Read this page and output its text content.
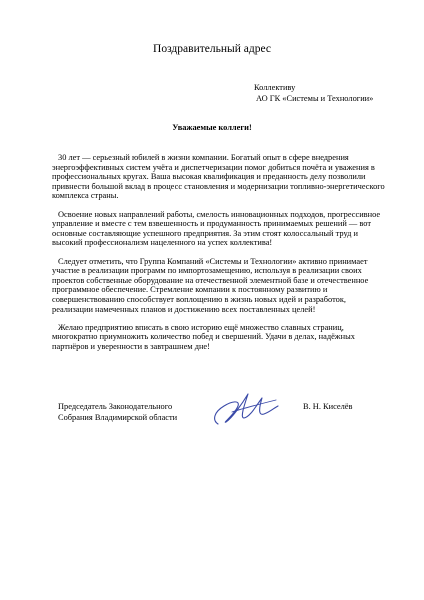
Поздравительный адрес
Коллективу
АО ГК «Системы и Технологии»
Уважаемые коллеги!

30 лет — серьезный юбилей в жизни компании. Богатый опыт в сфере внедрения энергоэффективных систем учёта и диспетчеризации помог добиться почёта и уважения в профессиональных кругах. Ваша высокая квалификация и преданность делу позволили привнести большой вклад в процесс становления и модернизации топливно-энергетического комплекса страны.

Освоение новых направлений работы, смелость инновационных подходов, прогрессивное управление и вместе с тем взвешенность и продуманность принимаемых решений — вот основные составляющие успешного предприятия. За этим стоят колоссальный труд и высокий профессионализм нацеленного на успех коллектива!

Следует отметить, что Группа Компаний «Системы и Технологии» активно принимает участие в реализации программ по импортозамещению, используя в реализации своих проектов собственные оборудование на отечественной элементной базе и отечественное программное обеспечение. Стремление компании к постоянному развитию и совершенствованию способствует воплощению в жизнь новых идей и разработок, реализации намеченных планов и достижению всех поставленных целей!

Желаю предприятию вписать в свою историю ещё множество славных страниц, многократно приумножить количество побед и свершений. Удачи в делах, надёжных партнёров и уверенности в завтрашнем дне!

Председатель Законодательного
Собрания Владимирской области
В. Н. Киселёв
